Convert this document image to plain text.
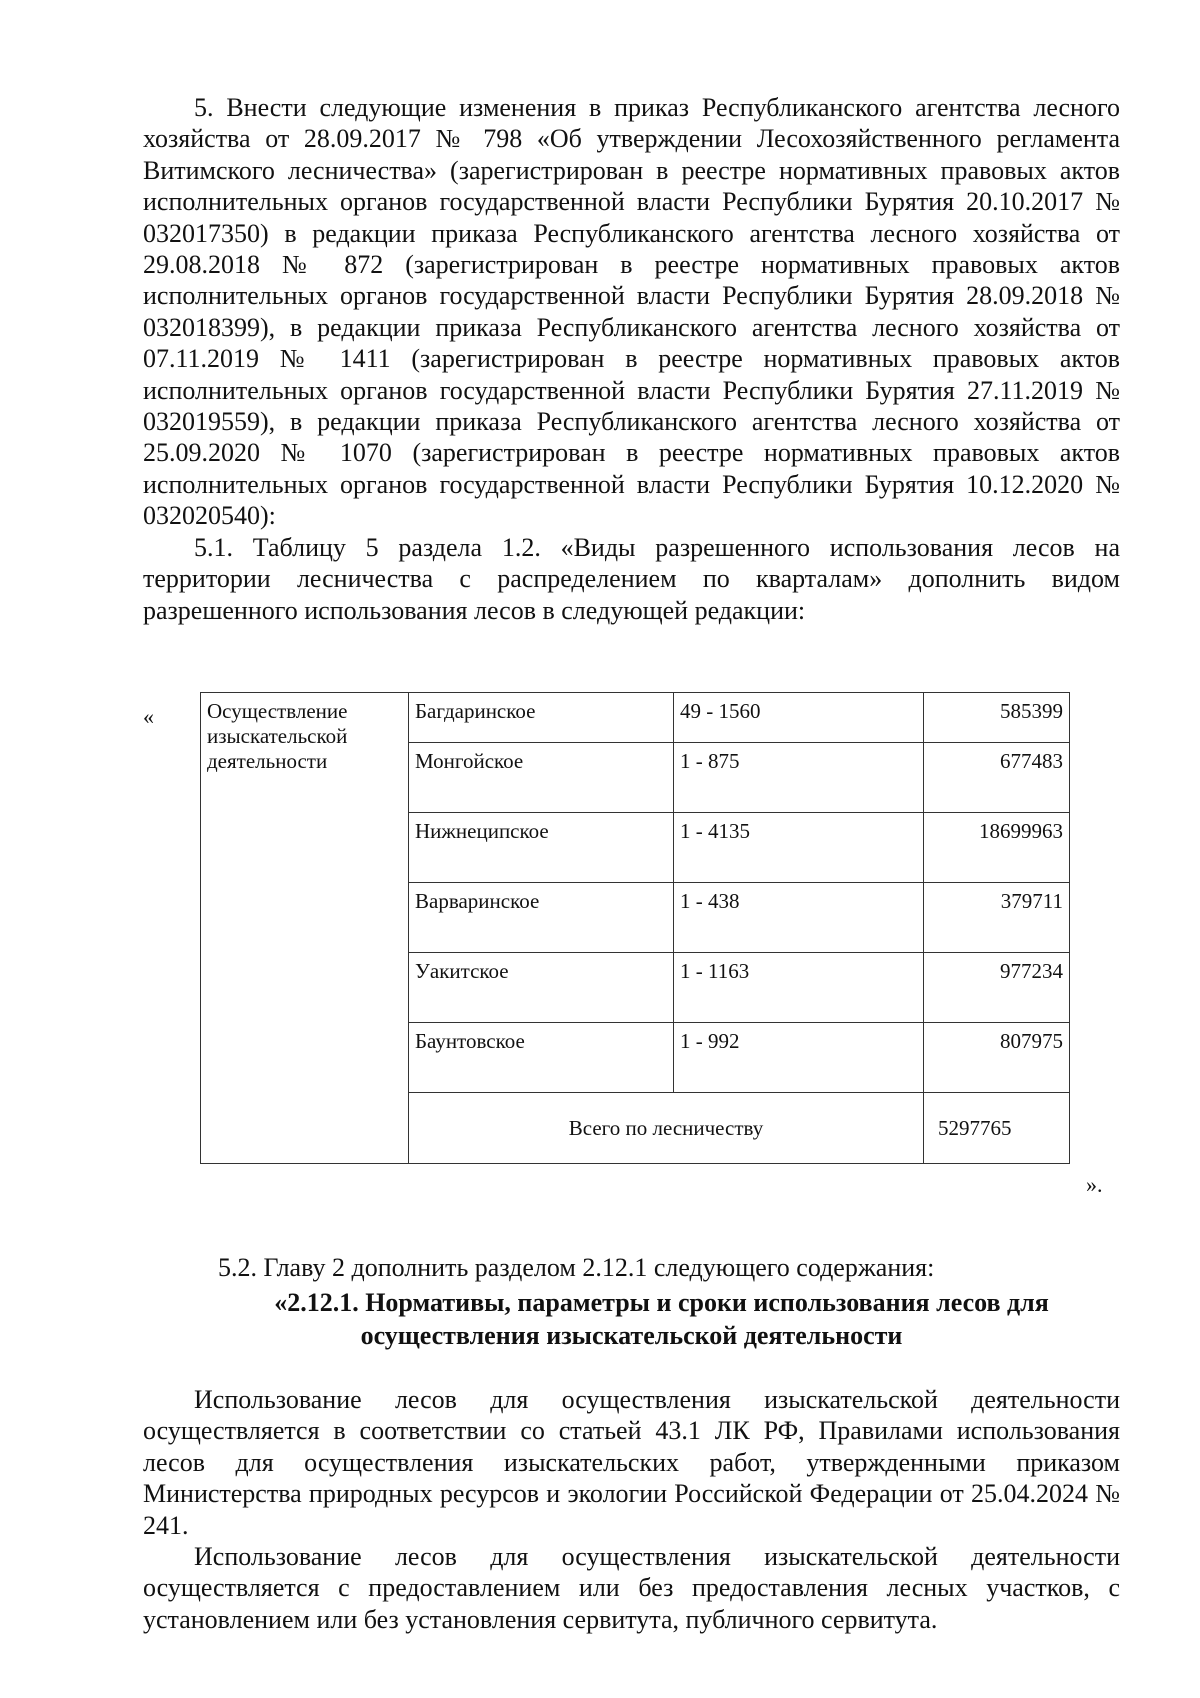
5. Внести следующие изменения в приказ Республиканского агентства лесного хозяйства от 28.09.2017 № 798 «Об утверждении Лесохозяйственного регламента Витимского лесничества» (зарегистрирован в реестре нормативных правовых актов исполнительных органов государственной власти Республики Бурятия 20.10.2017 № 032017350) в редакции приказа Республиканского агентства лесного хозяйства от 29.08.2018 № 872 (зарегистрирован в реестре нормативных правовых актов исполнительных органов государственной власти Республики Бурятия 28.09.2018 № 032018399), в редакции приказа Республиканского агентства лесного хозяйства от 07.11.2019 № 1411 (зарегистрирован в реестре нормативных правовых актов исполнительных органов государственной власти Республики Бурятия 27.11.2019 № 032019559), в редакции приказа Республиканского агентства лесного хозяйства от 25.09.2020 № 1070 (зарегистрирован в реестре нормативных правовых актов исполнительных органов государственной власти Республики Бурятия 10.12.2020 № 032020540):

5.1. Таблицу 5 раздела 1.2. «Виды разрешенного использования лесов на территории лесничества с распределением по кварталам» дополнить видом разрешенного использования лесов в следующей редакции:

«	Осуществление изыскательской деятельности	Багдаринское	49 - 1560	585399
	Монгойское	1 - 875	677483
	Нижнеципское	1 - 4135	18699963
	Варваринское	1 - 438	379711
	Уакитское	1 - 1163	977234
	Баунтовское	1 - 992	807975
	Всего по лесничеству		5297765
».
5.2. Главу 2 дополнить разделом 2.12.1 следующего содержания:
«2.12.1. Нормативы, параметры и сроки использования лесов для
осуществления изыскательской деятельности

Использование лесов для осуществления изыскательской деятельности осуществляется в соответствии со статьей 43.1 ЛК РФ, Правилами использования лесов для осуществления изыскательских работ, утвержденными приказом Министерства природных ресурсов и экологии Российской Федерации от 25.04.2024 № 241.

Использование лесов для осуществления изыскательской деятельности осуществляется с предоставлением или без предоставления лесных участков, с установлением или без установления сервитута, публичного сервитута.
